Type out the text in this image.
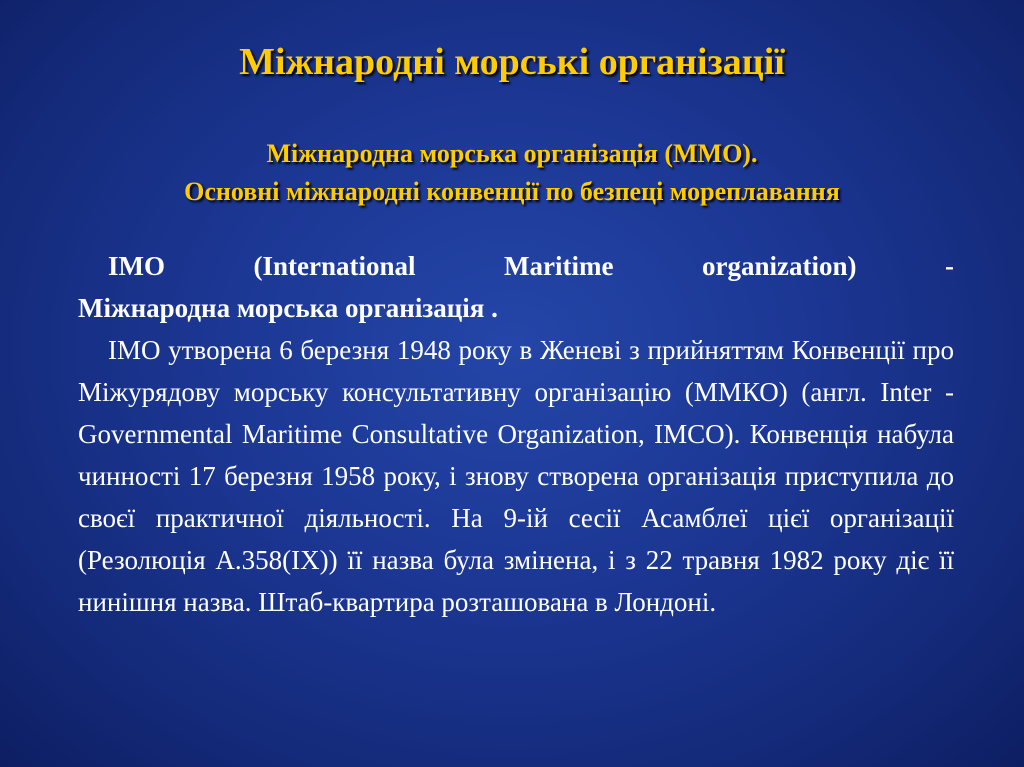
Міжнародні морські організації
Міжнародна морська організація (ММО).
Основні міжнародні конвенції по безпеці мореплавання

IMO (International Maritime organization) -
Міжнародна морська організація .

IMO утворена 6 березня 1948 року в Женеві з прийняттям Конвенції про Міжурядову морську консультативну організацію (ММКО) (англ. Inter - Governmental Maritime Consultative Organization, IMCO). Конвенція набула чинності 17 березня 1958 року, і знову створена організація приступила до своєї практичної діяльності. На 9-ій сесії Асамблеї цієї організації (Резолюція А.358(IX)) її назва була змінена, і з 22 травня 1982 року діє її нинішня назва. Штаб-квартира розташована в Лондоні.
